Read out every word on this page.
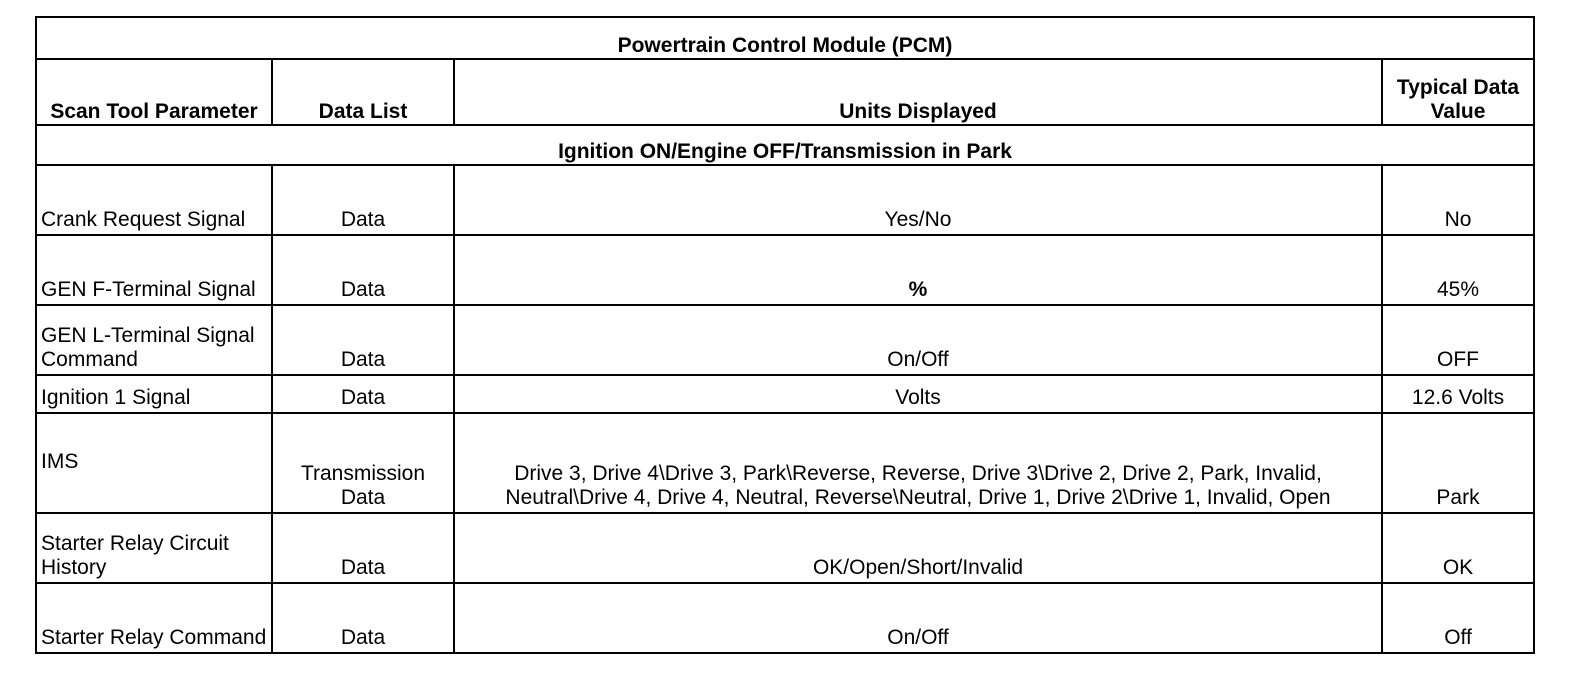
Powertrain Control Module (PCM)			
Scan Tool Parameter	Data List	Units Displayed	Typical Data Value
Ignition ON/Engine OFF/Transmission in Park			
Crank Request Signal	Data	Yes/No	No
GEN F-Terminal Signal	Data	%	45%
GEN L-Terminal Signal Command	Data	On/Off	OFF
Ignition 1 Signal	Data	Volts	12.6 Volts
IMS	Transmission Data	Drive 3, Drive 4\Drive 3, Park\Reverse, Reverse, Drive 3\Drive 2, Drive 2, Park, Invalid, Neutral\Drive 4, Drive 4, Neutral, Reverse\Neutral, Drive 1, Drive 2\Drive 1, Invalid, Open	Park
Starter Relay Circuit History	Data	OK/Open/Short/Invalid	OK
Starter Relay Command	Data	On/Off	Off
